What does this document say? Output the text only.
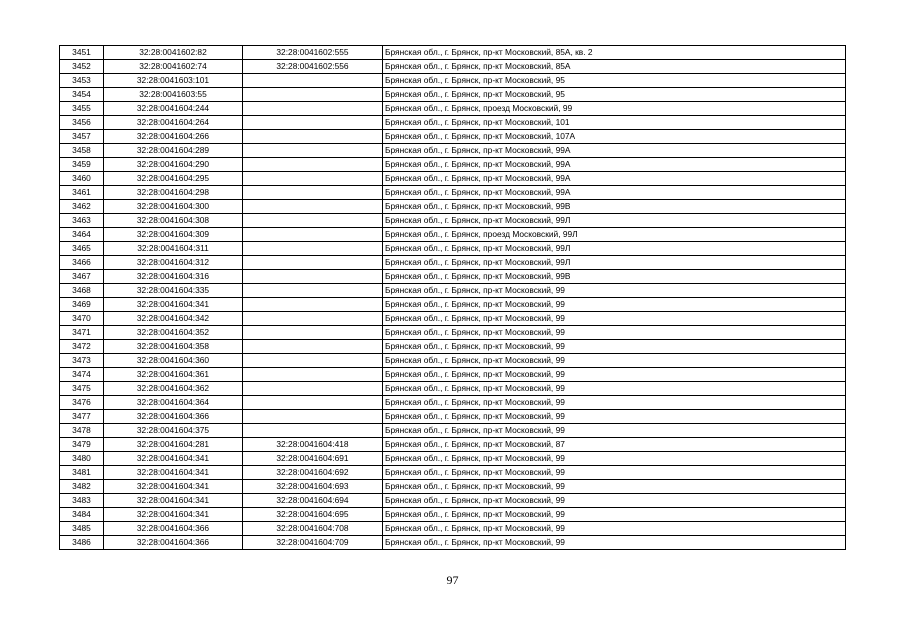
3451	32:28:0041602:82	32:28:0041602:555	Брянская обл., г. Брянск, пр-кт Московский, 85А, кв. 2
3452	32:28:0041602:74	32:28:0041602:556	Брянская обл., г. Брянск, пр-кт Московский, 85А
3453	32:28:0041603:101		Брянская обл., г. Брянск, пр-кт Московский, 95
3454	32:28:0041603:55		Брянская обл., г. Брянск, пр-кт Московский, 95
3455	32:28:0041604:244		Брянская обл., г. Брянск, проезд Московский, 99
3456	32:28:0041604:264		Брянская обл., г. Брянск, пр-кт Московский, 101
3457	32:28:0041604:266		Брянская обл., г. Брянск, пр-кт Московский, 107А
3458	32:28:0041604:289		Брянская обл., г. Брянск, пр-кт Московский, 99А
3459	32:28:0041604:290		Брянская обл., г. Брянск, пр-кт Московский, 99А
3460	32:28:0041604:295		Брянская обл., г. Брянск, пр-кт Московский, 99А
3461	32:28:0041604:298		Брянская обл., г. Брянск, пр-кт Московский, 99А
3462	32:28:0041604:300		Брянская обл., г. Брянск, пр-кт Московский, 99В
3463	32:28:0041604:308		Брянская обл., г. Брянск, пр-кт Московский, 99Л
3464	32:28:0041604:309		Брянская обл., г. Брянск, проезд Московский, 99Л
3465	32:28:0041604:311		Брянская обл., г. Брянск, пр-кт Московский, 99Л
3466	32:28:0041604:312		Брянская обл., г. Брянск, пр-кт Московский, 99Л
3467	32:28:0041604:316		Брянская обл., г. Брянск, пр-кт Московский, 99В
3468	32:28:0041604:335		Брянская обл., г. Брянск, пр-кт Московский, 99
3469	32:28:0041604:341		Брянская обл., г. Брянск, пр-кт Московский, 99
3470	32:28:0041604:342		Брянская обл., г. Брянск, пр-кт Московский, 99
3471	32:28:0041604:352		Брянская обл., г. Брянск, пр-кт Московский, 99
3472	32:28:0041604:358		Брянская обл., г. Брянск, пр-кт Московский, 99
3473	32:28:0041604:360		Брянская обл., г. Брянск, пр-кт Московский, 99
3474	32:28:0041604:361		Брянская обл., г. Брянск, пр-кт Московский, 99
3475	32:28:0041604:362		Брянская обл., г. Брянск, пр-кт Московский, 99
3476	32:28:0041604:364		Брянская обл., г. Брянск, пр-кт Московский, 99
3477	32:28:0041604:366		Брянская обл., г. Брянск, пр-кт Московский, 99
3478	32:28:0041604:375		Брянская обл., г. Брянск, пр-кт Московский, 99
3479	32:28:0041604:281	32:28:0041604:418	Брянская обл., г. Брянск, пр-кт Московский, 87
3480	32:28:0041604:341	32:28:0041604:691	Брянская обл., г. Брянск, пр-кт Московский, 99
3481	32:28:0041604:341	32:28:0041604:692	Брянская обл., г. Брянск, пр-кт Московский, 99
3482	32:28:0041604:341	32:28:0041604:693	Брянская обл., г. Брянск, пр-кт Московский, 99
3483	32:28:0041604:341	32:28:0041604:694	Брянская обл., г. Брянск, пр-кт Московский, 99
3484	32:28:0041604:341	32:28:0041604:695	Брянская обл., г. Брянск, пр-кт Московский, 99
3485	32:28:0041604:366	32:28:0041604:708	Брянская обл., г. Брянск, пр-кт Московский, 99
3486	32:28:0041604:366	32:28:0041604:709	Брянская обл., г. Брянск, пр-кт Московский, 99
97
